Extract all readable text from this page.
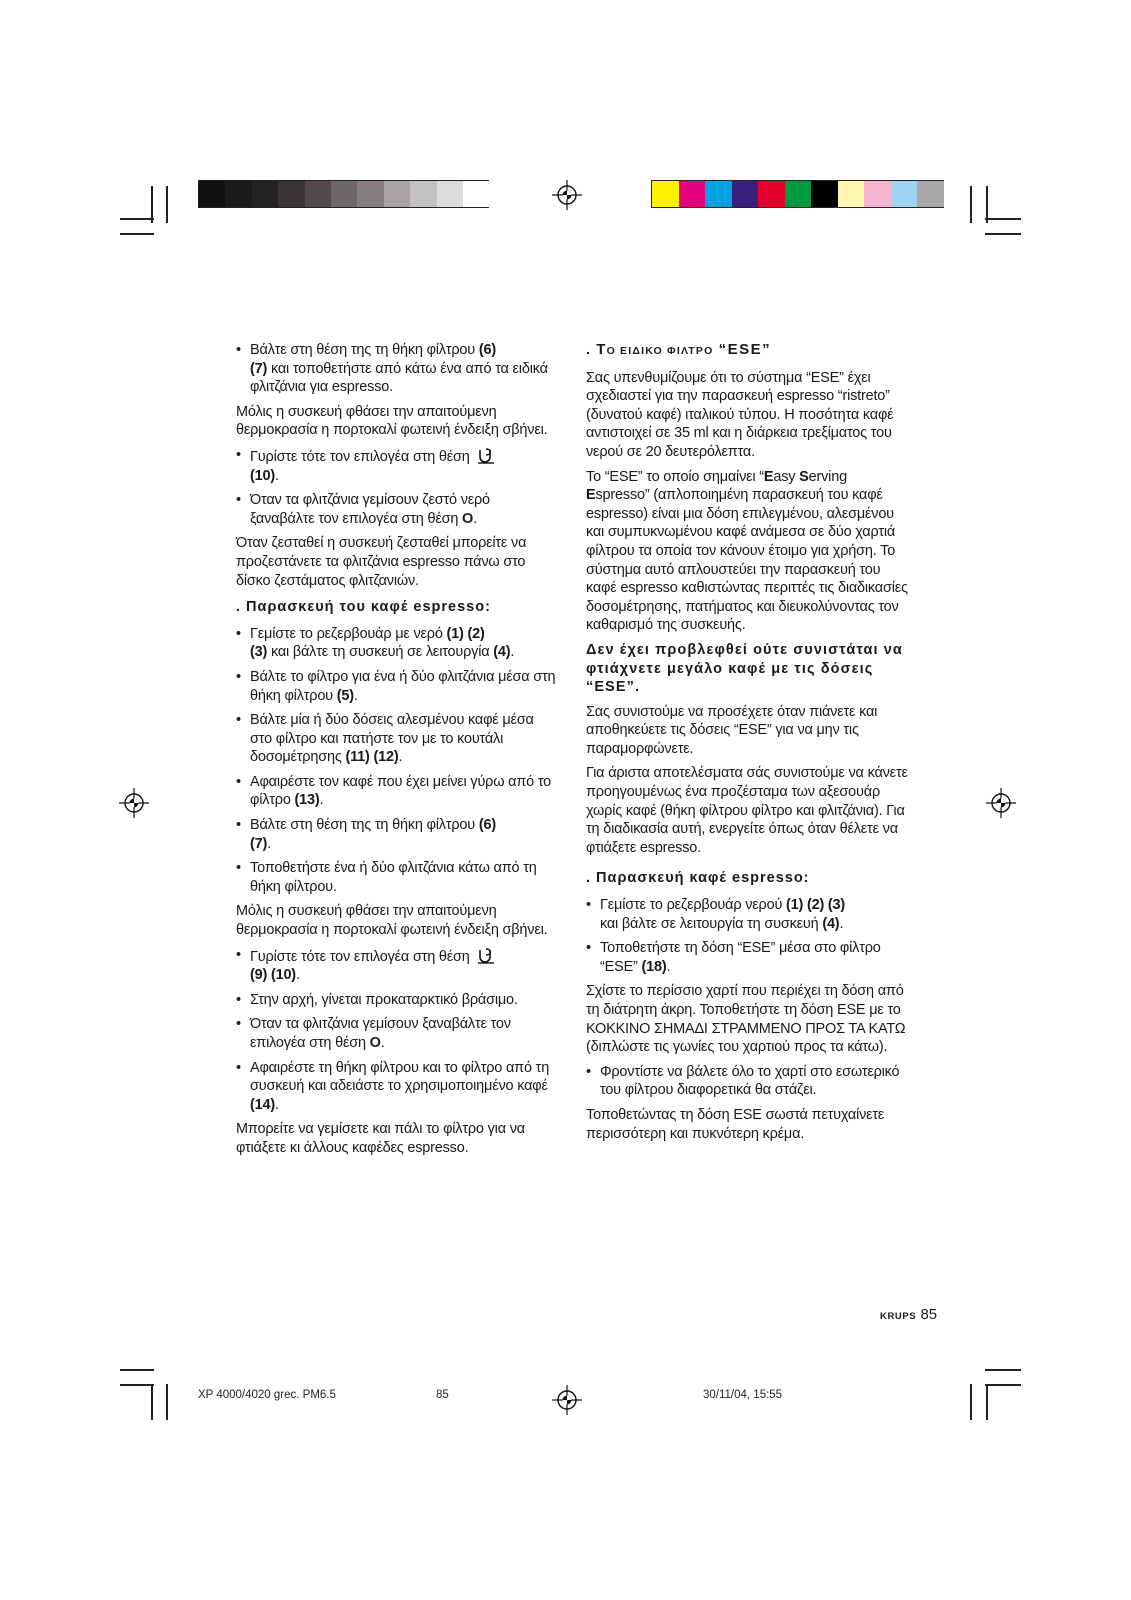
• Βάλτε στη θέση της τη θήκη φίλτρου (6)
(7) και τοποθετήστε από κάτω ένα από τα ειδικά φλιτζάνια για espresso.

Μόλις η συσκευή φθάσει την απαιτούμενη θερμοκρασία η πορτοκαλί φωτεινή ένδειξη σβήνει.

• Γυρίστε τότε τον επιλογέα στη θέση
(10).
• Όταν τα φλιτζάνια γεμίσουν ζεστό νερό ξαναβάλτε τον επιλογέα στη θέση O.

Όταν ζεσταθεί η συσκευή ζεσταθεί μπορείτε να προζεστάνετε τα φλιτζάνια espresso πάνω στο δίσκο ζεστάματος φλιτζανιών.

. Παρασκευή του καφέ espresso:
• Γεμίστε το ρεζερβουάρ με νερό (1) (2)
(3) και βάλτε τη συσκευή σε λειτουργία (4).
• Βάλτε το φίλτρο για ένα ή δύο φλιτζάνια μέσα στη θήκη φίλτρου (5).
• Βάλτε μία ή δύο δόσεις αλεσμένου καφέ μέσα στο φίλτρο και πατήστε τον με το κουτάλι δοσομέτρησης (11) (12).
• Αφαιρέστε τον καφέ που έχει μείνει γύρω από το φίλτρο (13).
• Βάλτε στη θέση της τη θήκη φίλτρου (6)
(7).
• Τοποθετήστε ένα ή δύο φλιτζάνια κάτω από τη θήκη φίλτρου.

Μόλις η συσκευή φθάσει την απαιτούμενη θερμοκρασία η πορτοκαλί φωτεινή ένδειξη σβήνει.

• Γυρίστε τότε τον επιλογέα στη θέση
(9) (10).
• Στην αρχή, γίνεται προκαταρκτικό βράσιμο.
• Όταν τα φλιτζάνια γεμίσουν ξαναβάλτε τον επιλογέα στη θέση O.
• Αφαιρέστε τη θήκη φίλτρου και το φίλτρο από τη συσκευή και αδειάστε το χρησιμοποιημένο καφέ (14).

Μπορείτε να γεμίσετε και πάλι το φίλτρο για να φτιάξετε κι άλλους καφέδες espresso.

. ΤΟ ΕΙΔΙΚΟ ΦΙΛΤΡΟ “ESE”

Σας υπενθυμίζουμε ότι το σύστημα “ESE” έχει σχεδιαστεί για την παρασκευή espresso “ristreto” (δυνατού καφέ) ιταλικού τύπου. Η ποσότητα καφέ αντιστοιχεί σε 35 ml και η διάρκεια τρεξίματος του νερού σε 20 δευτερόλεπτα.

Το “ESE” το οποίο σημαίνει “Easy Serving
Espresso” (απλοποιημένη παρασκευή του καφέ espresso) είναι μια δόση επιλεγμένου, αλεσμένου και συμπυκνωμένου καφέ ανάμεσα σε δύο χαρτιά φίλτρου τα οποία τον κάνουν έτοιμο για χρήση. Το σύστημα αυτό απλουστεύει την παρασκευή του καφέ espresso καθιστώντας περιττές τις διαδικασίες δοσομέτρησης, πατήματος και διευκολύνοντας τον καθαρισμό της συσκευής.

Δεν έχει προβλεφθεί ούτε συνιστάται να φτιάχνετε μεγάλο καφέ με τις δόσεις “ESE”.

Σας συνιστούμε να προσέχετε όταν πιάνετε και αποθηκεύετε τις δόσεις “ESE” για να μην τις παραμορφώνετε.

Για άριστα αποτελέσματα σάς συνιστούμε να κάνετε προηγουμένως ένα προζέσταμα των αξεσουάρ χωρίς καφέ (θήκη φίλτρου φίλτρο και φλιτζάνια). Για τη διαδικασία αυτή, ενεργείτε όπως όταν θέλετε να φτιάξετε espresso.

. Παρασκευή καφέ espresso:
• Γεμίστε το ρεζερβουάρ νερού (1) (2) (3)
και βάλτε σε λειτουργία τη συσκευή (4).
• Τοποθετήστε τη δόση “ESE” μέσα στο φίλτρο “ESE” (18).

Σχίστε το περίσσιο χαρτί που περιέχει τη δόση από τη διάτρητη άκρη. Τοποθετήστε τη δόση ESE με το ΚΟΚΚΙΝΟ ΣΗΜΑΔΙ ΣΤΡΑΜΜΕΝΟ ΠΡΟΣ ΤΑ ΚΑΤΩ (διπλώστε τις γωνίες του χαρτιού προς τα κάτω).

• Φροντίστε να βάλετε όλο το χαρτί στο εσωτερικό του φίλτρου διαφορετικά θα στάζει.

Τοποθετώντας τη δόση ESE σωστά πετυχαίνετε περισσότερη και πυκνότερη κρέμα.

KRUPS 85
XP 4000/4020 grec. PM6.5	85	30/11/04, 15:55
